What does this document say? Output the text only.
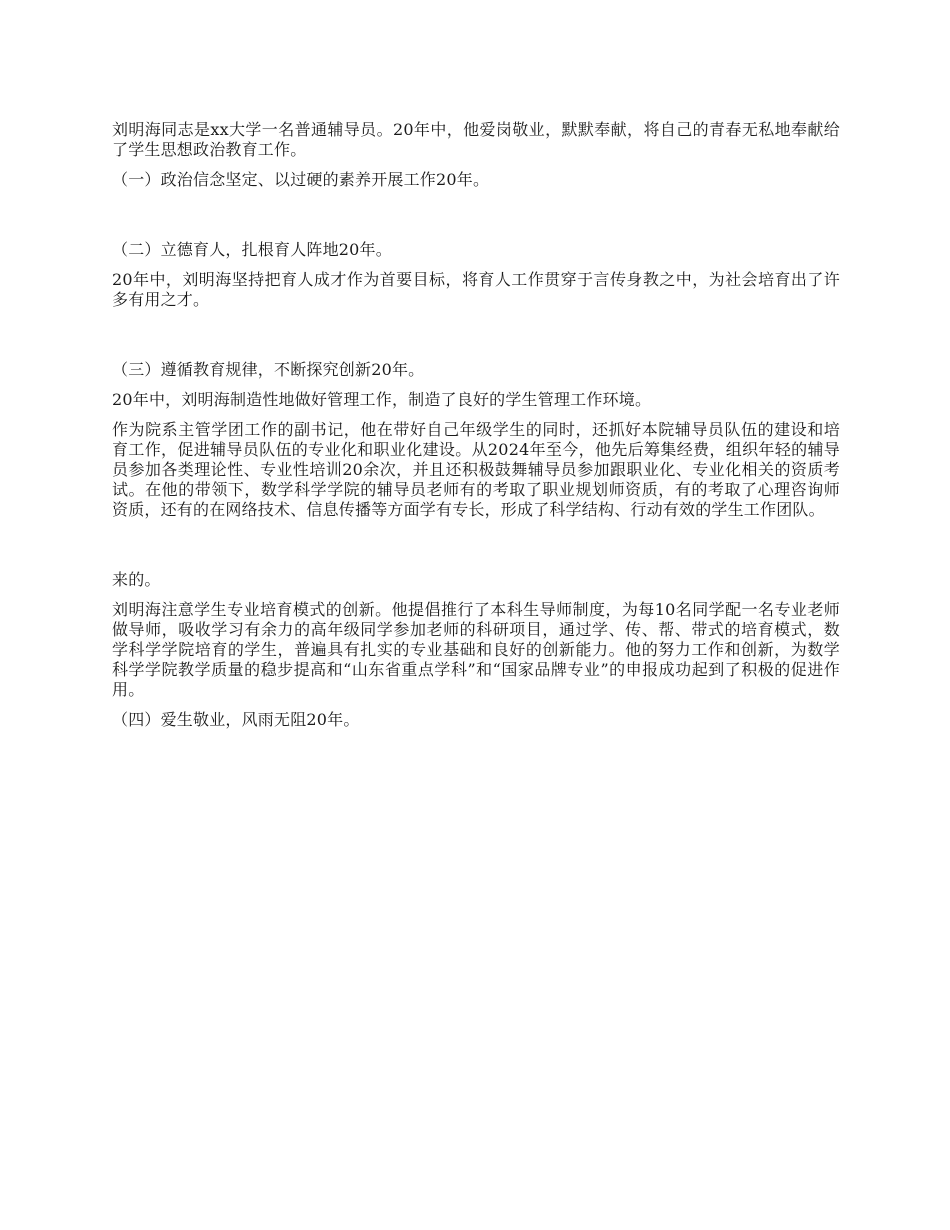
刘明海同志是xx大学一名普通辅导员。20年中，他爱岗敬业，默默奉献，将自己的青春无私地奉献给了学生思想政治教育工作。

（一）政治信念坚定、以过硬的素养开展工作20年。

（二）立德育人，扎根育人阵地20年。

20年中，刘明海坚持把育人成才作为首要目标，将育人工作贯穿于言传身教之中，为社会培育出了许多有用之才。

（三）遵循教育规律，不断探究创新20年。

20年中，刘明海制造性地做好管理工作，制造了良好的学生管理工作环境。

作为院系主管学团工作的副书记，他在带好自己年级学生的同时，还抓好本院辅导员队伍的建设和培育工作，促进辅导员队伍的专业化和职业化建设。从2024年至今，他先后筹集经费，组织年轻的辅导员参加各类理论性、专业性培训20余次，并且还积极鼓舞辅导员参加跟职业化、专业化相关的资质考试。在他的带领下，数学科学学院的辅导员老师有的考取了职业规划师资质，有的考取了心理咨询师资质，还有的在网络技术、信息传播等方面学有专长，形成了科学结构、行动有效的学生工作团队。

来的。

刘明海注意学生专业培育模式的创新。他提倡推行了本科生导师制度，为每10名同学配一名专业老师做导师，吸收学习有余力的高年级同学参加老师的科研项目，通过学、传、帮、带式的培育模式，数学科学学院培育的学生，普遍具有扎实的专业基础和良好的创新能力。他的努力工作和创新，为数学科学学院教学质量的稳步提高和“山东省重点学科”和“国家品牌专业”的申报成功起到了积极的促进作用。

（四）爱生敬业，风雨无阻20年。
